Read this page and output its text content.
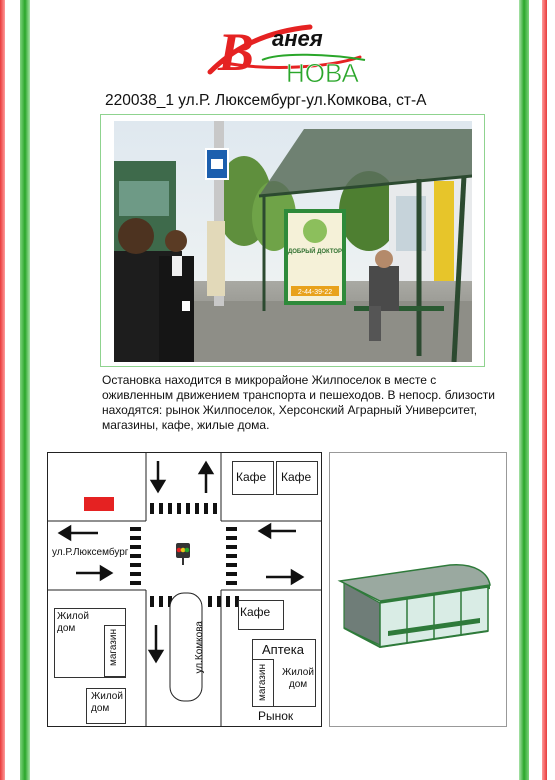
В анея
НОВА
220038_1 ул.Р. Люксембург-ул.Комкова, ст-А
ДОБРЫЙ ДОКТОР
2-44-39-22
Остановка находится в микрорайоне Жилпоселок в месте с оживленным движением транспорта и пешеходов. В непоср. близости находятся: рынок Жилпоселок, Херсонский Аграрный Университет, магазины, кафе, жилые дома.
Кафе Кафе
ул.Р.Люксембург
Кафе
ул.Комкова
Жилой дом
магазин
Жилой дом
Аптека
магазин Жилой дом
Рынок
